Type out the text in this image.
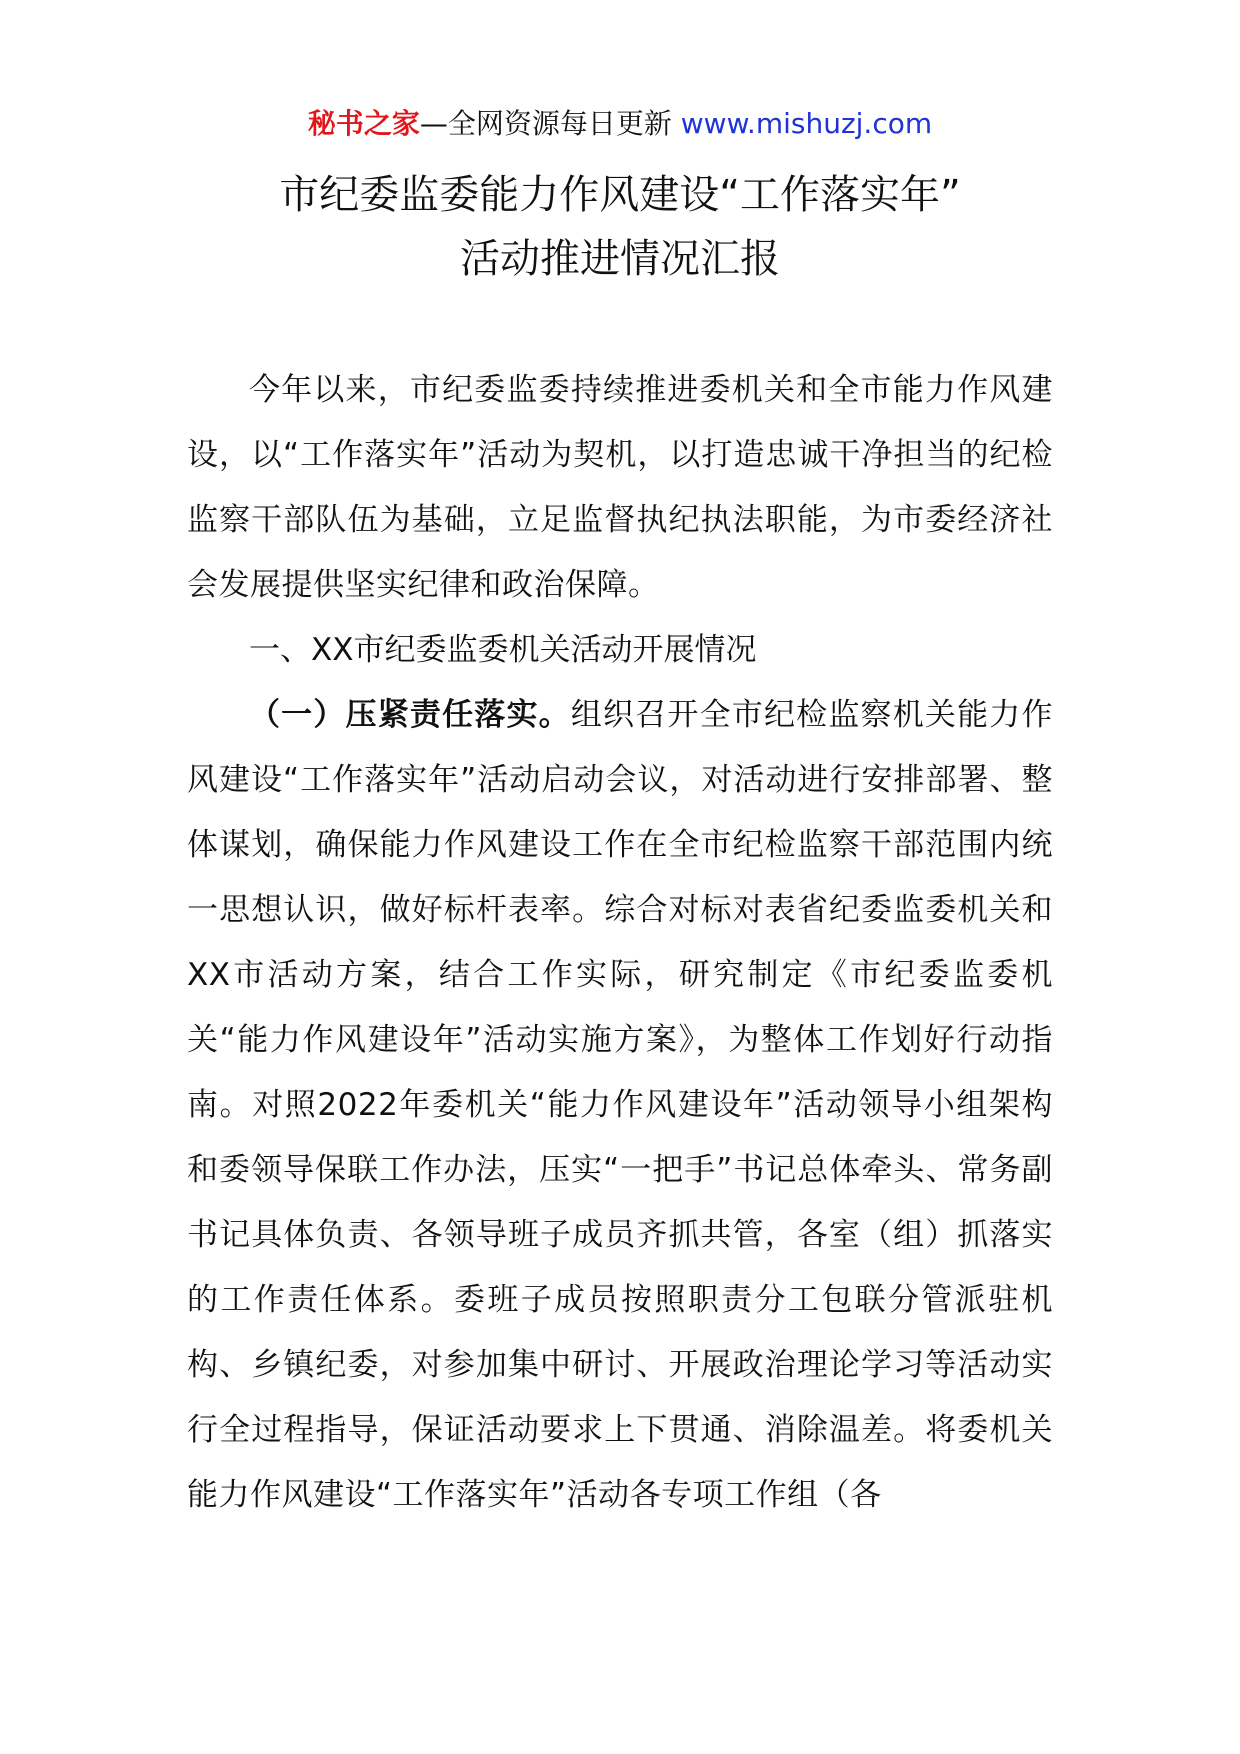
秘书之家—全网资源每日更新 www.mishuzj.com
市纪委监委能力作风建设“工作落实年”
活动推进情况汇报

今年以来，市纪委监委持续推进委机关和全市能力作风建设，以“工作落实年”活动为契机，以打造忠诚干净担当的纪检监察干部队伍为基础，立足监督执纪执法职能，为市委经济社会发展提供坚实纪律和政治保障。

一、XX市纪委监委机关活动开展情况

（一）压紧责任落实。组织召开全市纪检监察机关能力作风建设“工作落实年”活动启动会议，对活动进行安排部署、整体谋划，确保能力作风建设工作在全市纪检监察干部范围内统一思想认识，做好标杆表率。综合对标对表省纪委监委机关和XX市活动方案，结合工作实际，研究制定《市纪委监委机关“能力作风建设年”活动实施方案》，为整体工作划好行动指南。对照2022年委机关“能力作风建设年”活动领导小组架构和委领导保联工作办法，压实“一把手”书记总体牵头、常务副书记具体负责、各领导班子成员齐抓共管，各室（组）抓落实的工作责任体系。委班子成员按照职责分工包联分管派驻机构、乡镇纪委，对参加集中研讨、开展政治理论学习等活动实行全过程指导，保证活动要求上下贯通、消除温差。将委机关能力作风建设“工作落实年”活动各专项工作组（各
